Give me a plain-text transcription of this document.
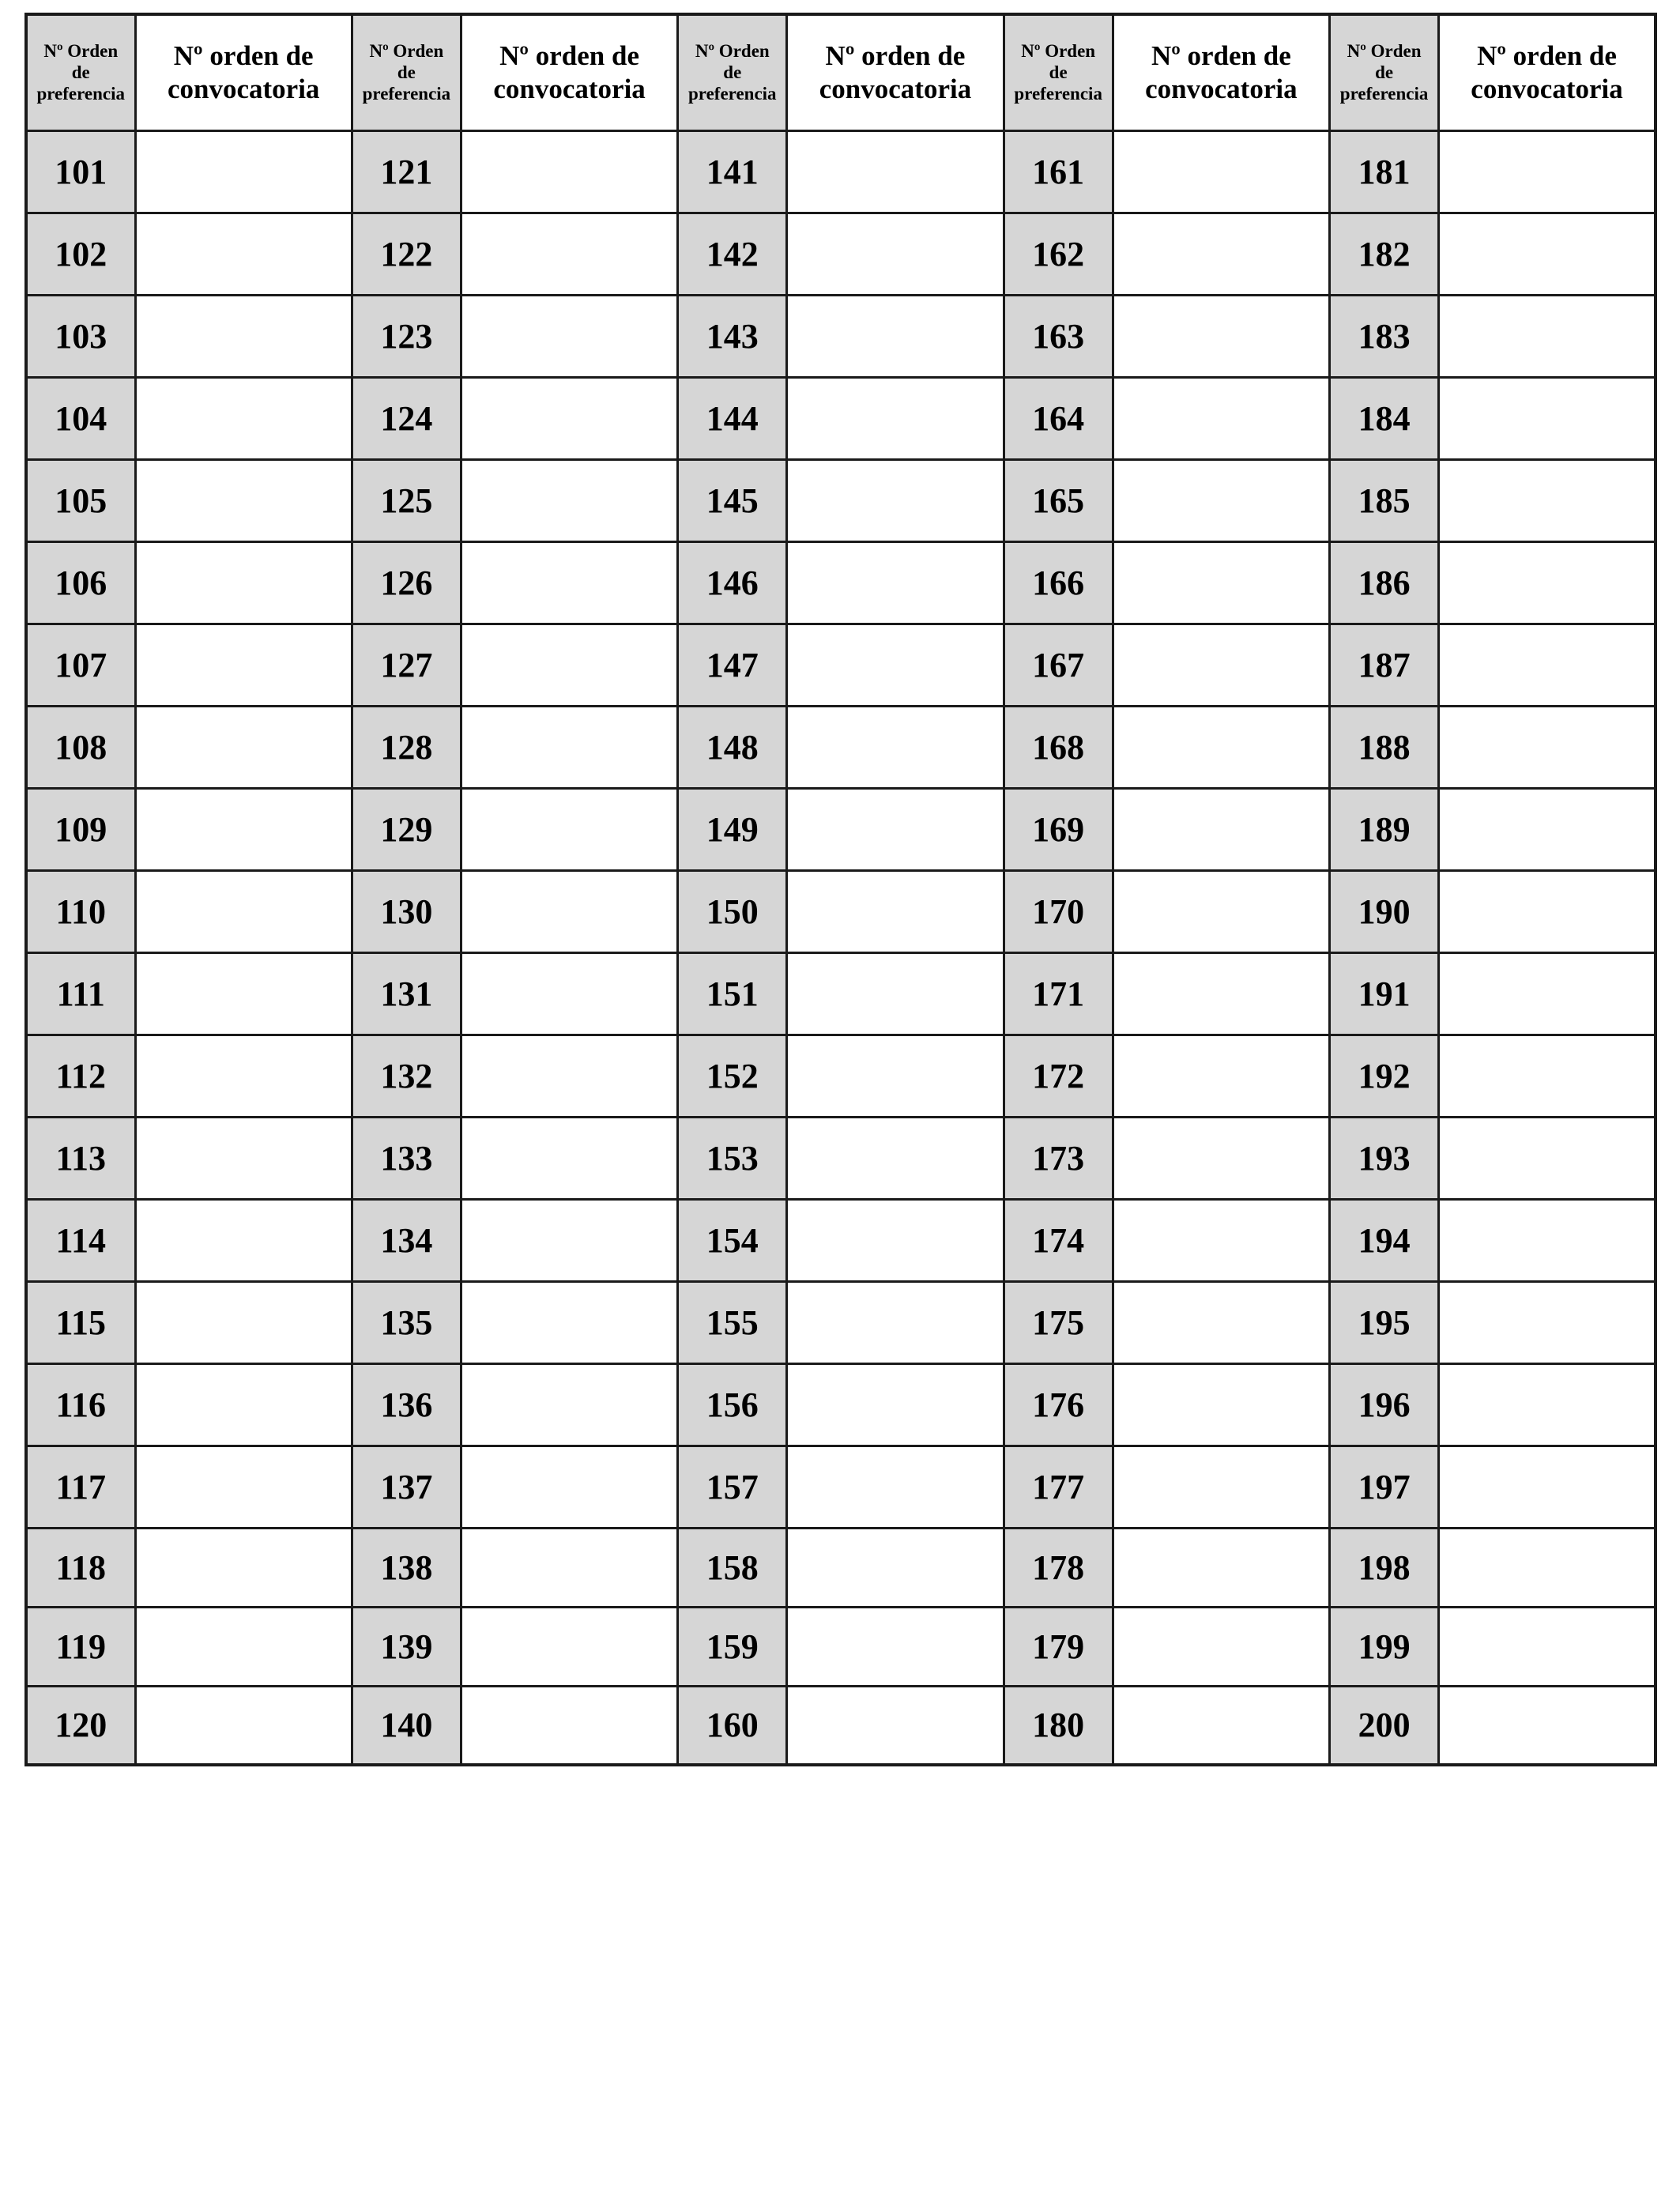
Nº Orden
de
preferencia	Nº orden de
convocatoria	Nº Orden
de
preferencia	Nº orden de
convocatoria	Nº Orden
de
preferencia	Nº orden de
convocatoria	Nº Orden
de
preferencia	Nº orden de
convocatoria	Nº Orden
de
preferencia	Nº orden de
convocatoria

101		121		141		161		181	
102		122		142		162		182	
103		123		143		163		183	
104		124		144		164		184	
105		125		145		165		185	
106		126		146		166		186	
107		127		147		167		187	
108		128		148		168		188	
109		129		149		169		189	
110		130		150		170		190	
111		131		151		171		191	
112		132		152		172		192	
113		133		153		173		193	
114		134		154		174		194	
115		135		155		175		195	
116		136		156		176		196	
117		137		157		177		197	
118		138		158		178		198	
119		139		159		179		199	
120		140		160		180		200	
